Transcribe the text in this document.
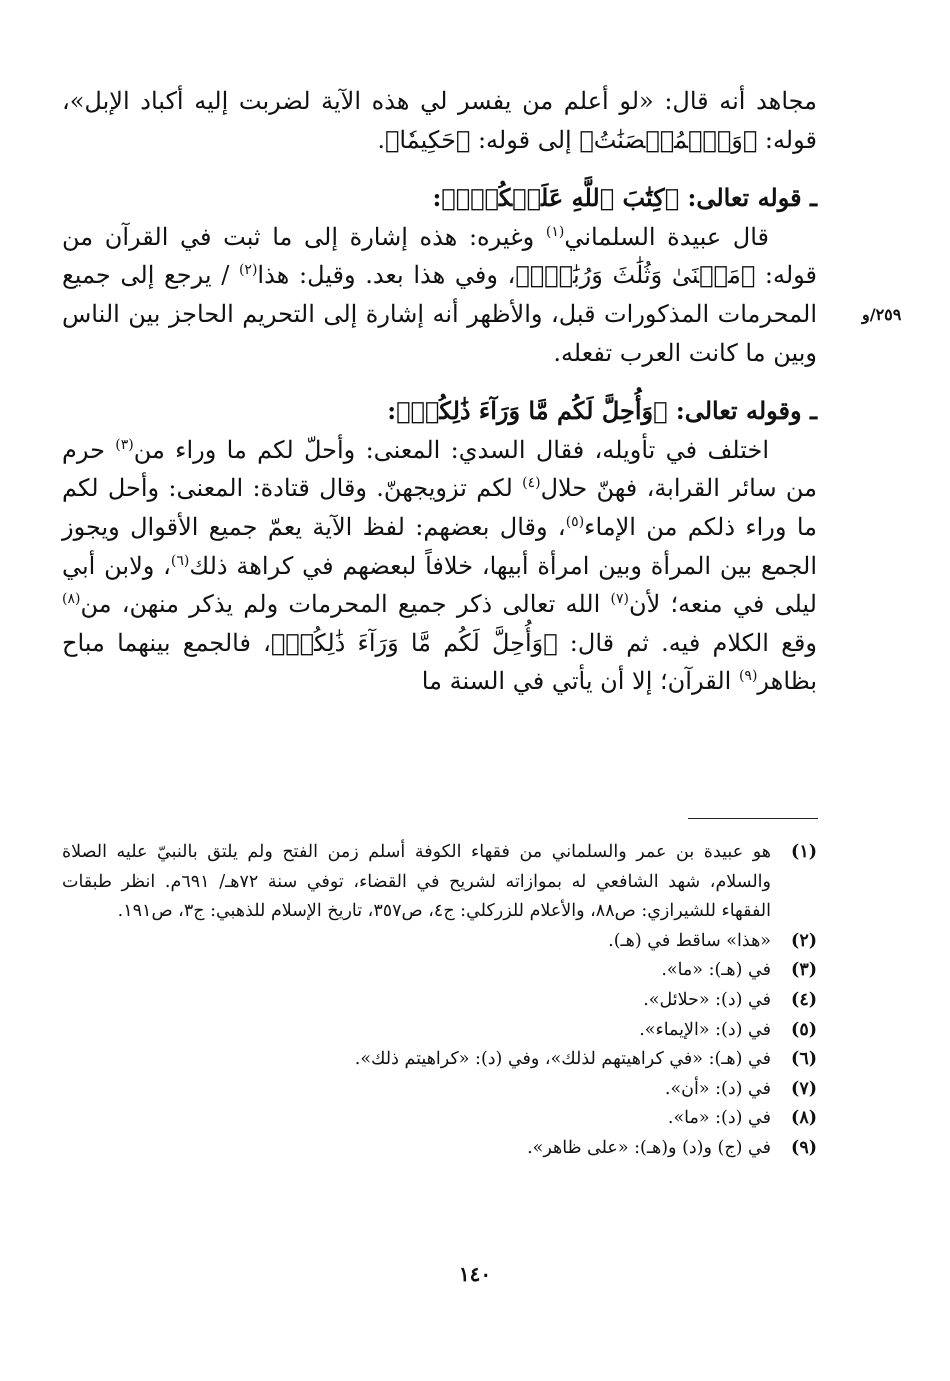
٢٥٩/و

مجاهد أنه قال: «لو أعلم من يفسر لي هذه الآية لضربت إليه أكباد الإبل»، قوله: ﴿وَٱلۡمُحۡصَنَٰتُ﴾ إلى قوله: ﴿حَكِيمٗا﴾.

ـ قوله تعالى: ﴿كِتَٰبَ ٱللَّهِ عَلَيۡكُمۡۚ﴾:

قال عبيدة السلماني$^{(١)}$ وغيره: هذه إشارة إلى ما ثبت في القرآن من قوله: ﴿مَثۡنَىٰ وَثُلَٰثَ وَرُبَٰعَۖ﴾، وفي هذا بعد. وقيل: هذا$^{(٢)}$ / يرجع إلى جميع المحرمات المذكورات قبل، والأظهر أنه إشارة إلى التحريم الحاجز بين الناس وبين ما كانت العرب تفعله.

ـ وقوله تعالى: ﴿وَأُحِلَّ لَكُم مَّا وَرَآءَ ذَٰلِكُمۡ﴾:

اختلف في تأويله، فقال السدي: المعنى: وأحلّ لكم ما وراء من$^{(٣)}$ حرم من سائر القرابة، فهنّ حلال$^{(٤)}$ لكم تزويجهنّ. وقال قتادة: المعنى: وأحل لكم ما وراء ذلكم من الإماء$^{(٥)}$، وقال بعضهم: لفظ الآية يعمّ جميع الأقوال ويجوز الجمع بين المرأة وبين امرأة أبيها، خلافاً لبعضهم في كراهة ذلك$^{(٦)}$، ولابن أبي ليلى في منعه؛ لأن$^{(٧)}$ الله تعالى ذكر جميع المحرمات ولم يذكر منهن، من$^{(٨)}$ وقع الكلام فيه. ثم قال: ﴿وَأُحِلَّ لَكُم مَّا وَرَآءَ ذَٰلِكُمۡ﴾، فالجمع بينهما مباح بظاهر$^{(٩)}$ القرآن؛ إلا أن يأتي في السنة ما

(١)
هو عبيدة بن عمر والسلماني من فقهاء الكوفة أسلم زمن الفتح ولم يلتق بالنبيّ عليه الصلاة والسلام، شهد الشافعي له بموازاته لشريح في القضاء، توفي سنة ٧٢هـ/ ٦٩١م. انظر طبقات الفقهاء للشيرازي: ص٨٨، والأعلام للزركلي: ج٤، ص٣٥٧، تاريخ الإسلام للذهبي: ج٣، ص١٩١.
(٢)
«هذا» ساقط في (هـ).
(٣)
في (هـ): «ما».
(٤)
في (د): «حلائل».
(٥)
في (د): «الإيماء».
(٦)
في (هـ): «في كراهيتهم لذلك»، وفي (د): «كراهيتم ذلك».
(٧)
في (د): «أن».
(٨)
في (د): «ما».
(٩)
في (ج) و(د) و(هـ): «على ظاهر».
١٤٠
